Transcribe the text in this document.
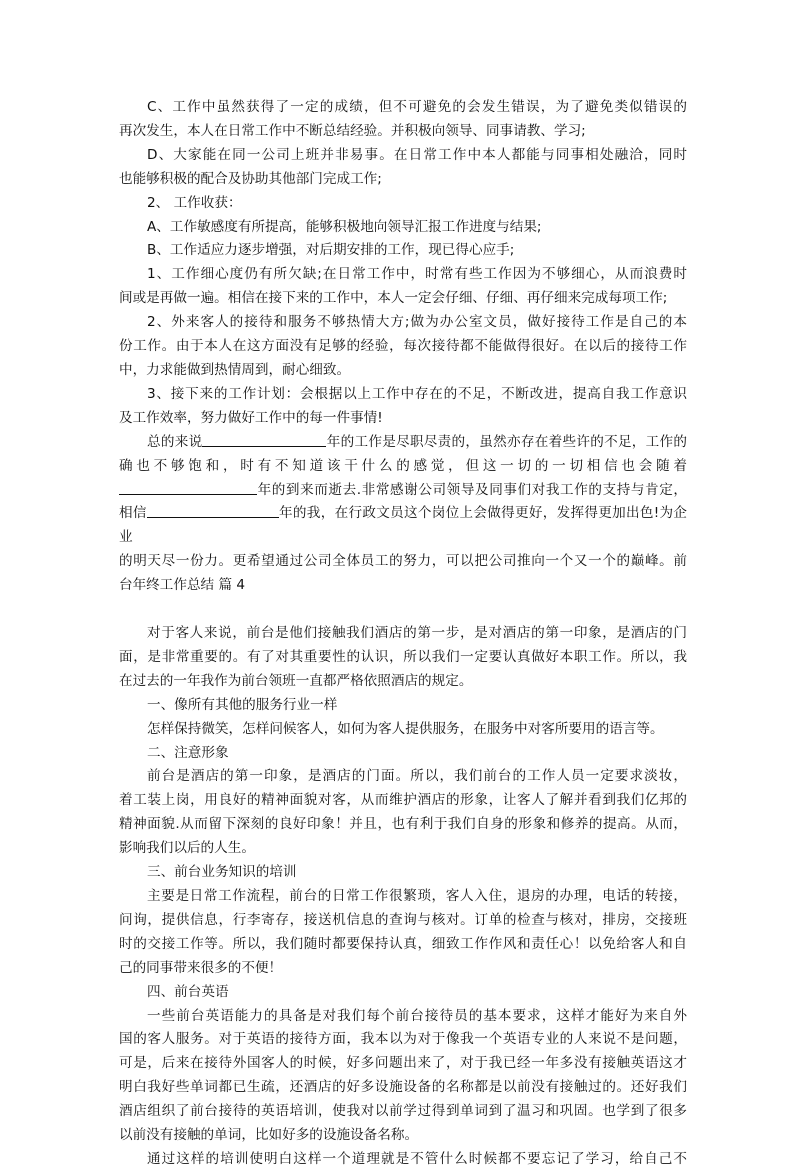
C、工作中虽然获得了一定的成绩，但不可避免的会发生错误，为了避免类似错误的

再次发生，本人在日常工作中不断总结经验。并积极向领导、同事请教、学习;

D、大家能在同一公司上班并非易事。在日常工作中本人都能与同事相处融洽，同时

也能够积极的配合及协助其他部门完成工作;

2、 工作收获：

A、工作敏感度有所提高，能够积极地向领导汇报工作进度与结果;

B、工作适应力逐步增强，对后期安排的工作，现已得心应手;

1、工作细心度仍有所欠缺;在日常工作中，时常有些工作因为不够细心，从而浪费时

间或是再做一遍。相信在接下来的工作中，本人一定会仔细、仔细、再仔细来完成每项工作;

2、外来客人的接待和服务不够热情大方;做为办公室文员，做好接待工作是自己的本

份工作。由于本人在这方面没有足够的经验，每次接待都不能做得很好。在以后的接待工作

中，力求能做到热情周到，耐心细致。

3、接下来的工作计划：会根据以上工作中存在的不足，不断改进，提高自我工作意识

及工作效率，努力做好工作中的每一件事情!

总的来说	年的工作是尽职尽责的，虽然亦存在着些许的不足，工作的

确也不够饱和，时有不知道该干什么的感觉，但这一切的一切相信也会随着

年的到来而逝去.非常感谢公司领导及同事们对我工作的支持与肯定，

相信	年的我，在行政文员这个岗位上会做得更好，发挥得更加出色!为企业

的明天尽一份力。更希望通过公司全体员工的努力，可以把公司推向一个又一个的巅峰。前

台年终工作总结 篇 4

对于客人来说，前台是他们接触我们酒店的第一步，是对酒店的第一印象，是酒店的门

面，是非常重要的。有了对其重要性的认识，所以我们一定要认真做好本职工作。所以，我

在过去的一年我作为前台领班一直都严格依照酒店的规定。

一、像所有其他的服务行业一样

怎样保持微笑，怎样问候客人，如何为客人提供服务，在服务中对客所要用的语言等。

二、注意形象

前台是酒店的第一印象，是酒店的门面。所以，我们前台的工作人员一定要求淡妆，

着工装上岗，用良好的精神面貌对客，从而维护酒店的形象，让客人了解并看到我们亿邦的

精神面貌.从而留下深刻的良好印象！并且，也有利于我们自身的形象和修养的提高。从而，

影响我们以后的人生。

三、前台业务知识的培训

主要是日常工作流程，前台的日常工作很繁琐，客人入住，退房的办理，电话的转接，

问询，提供信息，行李寄存，接送机信息的查询与核对。订单的检查与核对，排房，交接班

时的交接工作等。所以，我们随时都要保持认真，细致工作作风和责任心！以免给客人和自

己的同事带来很多的不便！

四、前台英语

一些前台英语能力的具备是对我们每个前台接待员的基本要求，这样才能好为来自外

国的客人服务。对于英语的接待方面，我本以为对于像我一个英语专业的人来说不是问题，

可是，后来在接待外国客人的时候，好多问题出来了，对于我已经一年多没有接触英语这才

明白我好些单词都已生疏，还酒店的好多设施设备的名称都是以前没有接触过的。还好我们

酒店组织了前台接待的英语培训，使我对以前学过得到单词到了温习和巩固。也学到了很多

以前没有接触的单词，比如好多的设施设备名称。

通过这样的培训使明白这样一个道理就是不管什么时候都不要忘记了学习，给自己不
